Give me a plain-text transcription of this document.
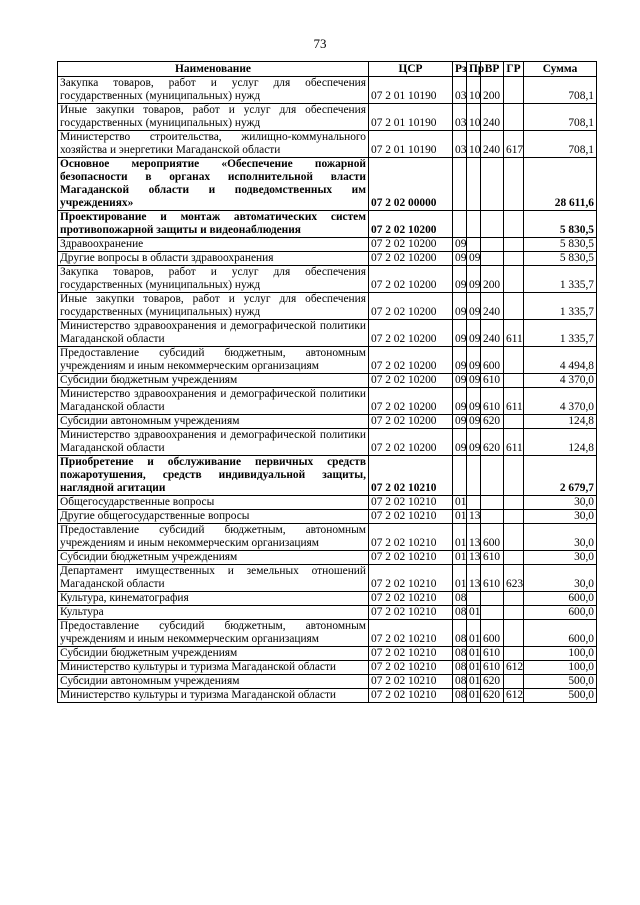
73
Наименование	ЦСР	Рз	Пр	ВР	ГР	Сумма
Закупка товаров, работ и услуг для обеспечения государственных (муниципальных) нужд	07 2 01 10190	03	10	200		708,1
Иные закупки товаров, работ и услуг для обеспечения государственных (муниципальных) нужд	07 2 01 10190	03	10	240		708,1
Министерство строительства, жилищно-коммунального хозяйства и энергетики Магаданской области	07 2 01 10190	03	10	240	617	708,1
Основное мероприятие «Обеспечение пожарной безопасности в органах исполнительной власти Магаданской области и подведомственных им учреждениях»	07 2 02 00000					28 611,6
Проектирование и монтаж автоматических систем противопожарной защиты и видеонаблюдения	07 2 02 10200					5 830,5
Здравоохранение	07 2 02 10200	09				5 830,5
Другие вопросы в области здравоохранения	07 2 02 10200	09	09			5 830,5
Закупка товаров, работ и услуг для обеспечения государственных (муниципальных) нужд	07 2 02 10200	09	09	200		1 335,7
Иные закупки товаров, работ и услуг для обеспечения государственных (муниципальных) нужд	07 2 02 10200	09	09	240		1 335,7
Министерство здравоохранения и демографической политики Магаданской области	07 2 02 10200	09	09	240	611	1 335,7
Предоставление субсидий бюджетным, автономным учреждениям и иным некоммерческим организациям	07 2 02 10200	09	09	600		4 494,8
Субсидии бюджетным учреждениям	07 2 02 10200	09	09	610		4 370,0
Министерство здравоохранения и демографической политики Магаданской области	07 2 02 10200	09	09	610	611	4 370,0
Субсидии автономным учреждениям	07 2 02 10200	09	09	620		124,8
Министерство здравоохранения и демографической политики Магаданской области	07 2 02 10200	09	09	620	611	124,8
Приобретение и обслуживание первичных средств пожаротушения, средств индивидуальной защиты, наглядной агитации	07 2 02 10210					2 679,7
Общегосударственные вопросы	07 2 02 10210	01				30,0
Другие общегосударственные вопросы	07 2 02 10210	01	13			30,0
Предоставление субсидий бюджетным, автономным учреждениям и иным некоммерческим организациям	07 2 02 10210	01	13	600		30,0
Субсидии бюджетным учреждениям	07 2 02 10210	01	13	610		30,0
Департамент имущественных и земельных отношений Магаданской области	07 2 02 10210	01	13	610	623	30,0
Культура, кинематография	07 2 02 10210	08				600,0
Культура	07 2 02 10210	08	01			600,0
Предоставление субсидий бюджетным, автономным учреждениям и иным некоммерческим организациям	07 2 02 10210	08	01	600		600,0
Субсидии бюджетным учреждениям	07 2 02 10210	08	01	610		100,0
Министерство культуры и туризма Магаданской области	07 2 02 10210	08	01	610	612	100,0
Субсидии автономным учреждениям	07 2 02 10210	08	01	620		500,0
Министерство культуры и туризма Магаданской области	07 2 02 10210	08	01	620	612	500,0
